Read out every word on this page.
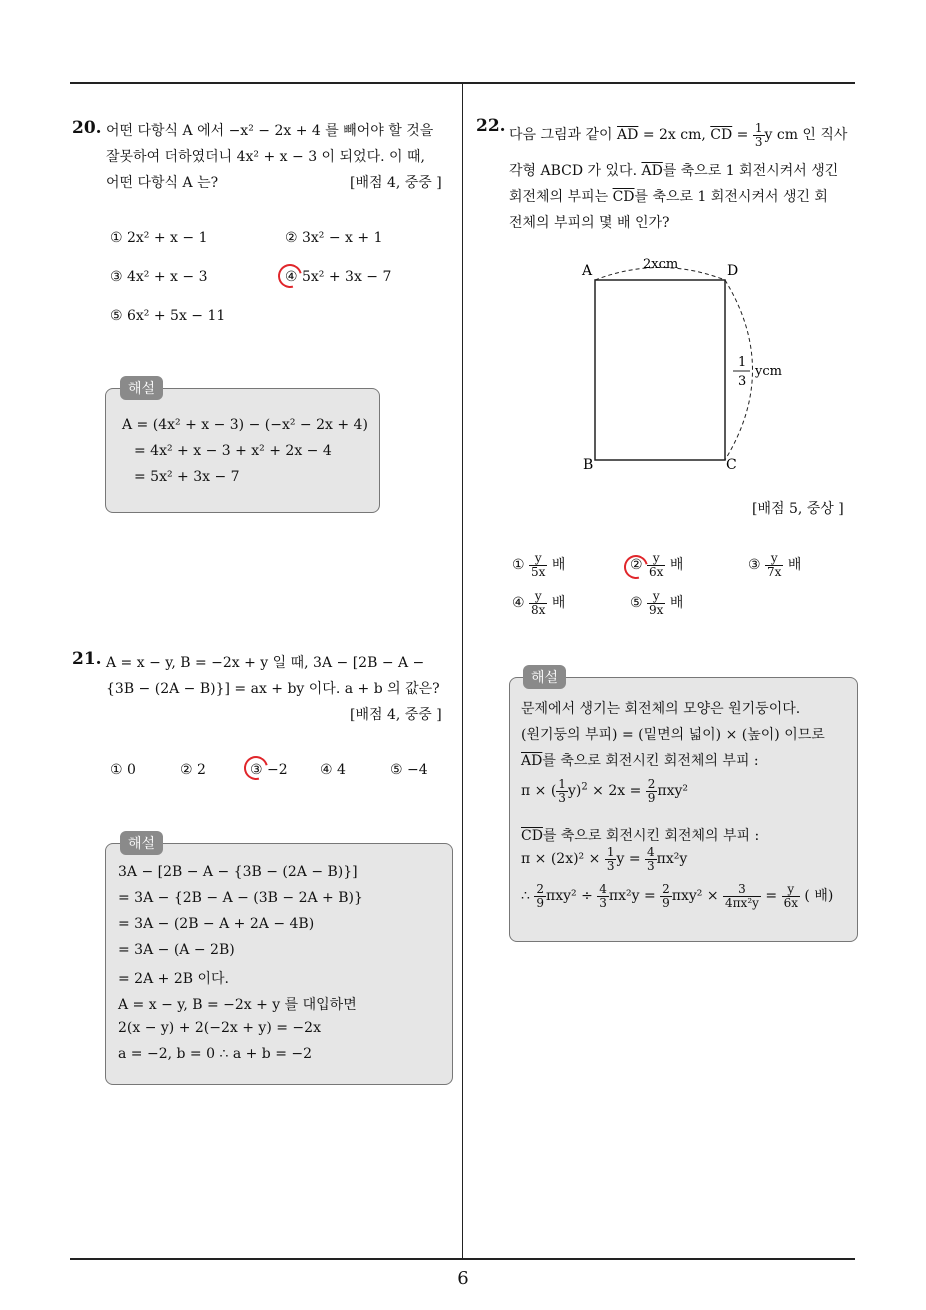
6
20. 어떤 다항식 A 에서 −x² − 2x + 4 를 빼어야 할 것을
잘못하여 더하였더니 4x² + x − 3 이 되었다. 이 때,
어떤 다항식 A 는?	[배점 4, 중중 ]
① 2x² + x − 1	② 3x² − x + 1
③ 4x² + x − 3	④ 5x² + 3x − 7
⑤ 6x² + 5x − 11
해설
A = (4x² + x − 3) − (−x² − 2x + 4)
= 4x² + x − 3 + x² + 2x − 4
= 5x² + 3x − 7
21. A = x − y, B = −2x + y 일 때, 3A − [2B − A −
{3B − (2A − B)}] = ax + by 이다. a + b 의 값은?
[배점 4, 중중 ]
① 0	② 2	③ −2 ④ 4	⑤ −4
해설
3A − [2B − A − {3B − (2A − B)}]
= 3A − {2B − A − (3B − 2A + B)}
= 3A − (2B − A + 2A − 4B)
= 3A − (A − 2B)
= 2A + 2B 이다.
A = x − y, B = −2x + y 를 대입하면
2(x − y) + 2(−2x + y) = −2x
a = −2, b = 0 ∴ a + b = −2
22. 다음 그림과 같이 $\overline{AD} = 2x$ cm, $\overline{CD} = \frac{1}{3}$ y cm 인 직사
각형 ABCD 가 있다. $\overline{AD}$를 축으로 1 회전시켜서 생긴
회전체의 부피는 $\overline{CD}$를 축으로 1 회전시켜서 생긴 회
전체의 부피의 몇 배 인가?
A	D
B	C
2xcm
1
3
ycm
[배점 5, 중상 ]
① $\frac{y}{5x}$ 배	② $\frac{y}{6x}$ 배	③ $\frac{y}{7x}$ 배
④ $\frac{y}{8x}$ 배	⑤ $\frac{y}{9x}$ 배
해설
문제에서 생기는 회전체의 모양은 원기둥이다.
(원기둥의 부피) = (밑면의 넓이) × (높이) 이므로
$\overline{AD}$를 축으로 회전시킨 회전체의 부피 :
π × ( $\frac{1}{3} y)^2 \times 2x = \frac{2}{9} \pi xy^2$
$\overline{CD}$를 축으로 회전시킨 회전체의 부피 :
$\pi \times (2x)^2 \times \frac{1}{3}$ $y = \frac{4}{3} \pi x^2y$
∴ $\frac{2}{9} \pi xy^2 \div \frac{4}{3} \pi x^2y = \frac{2}{9} \pi xy^2 \times \frac{3}{\text{4πx²y}} = \frac{y}{6x}$ ( 배)
